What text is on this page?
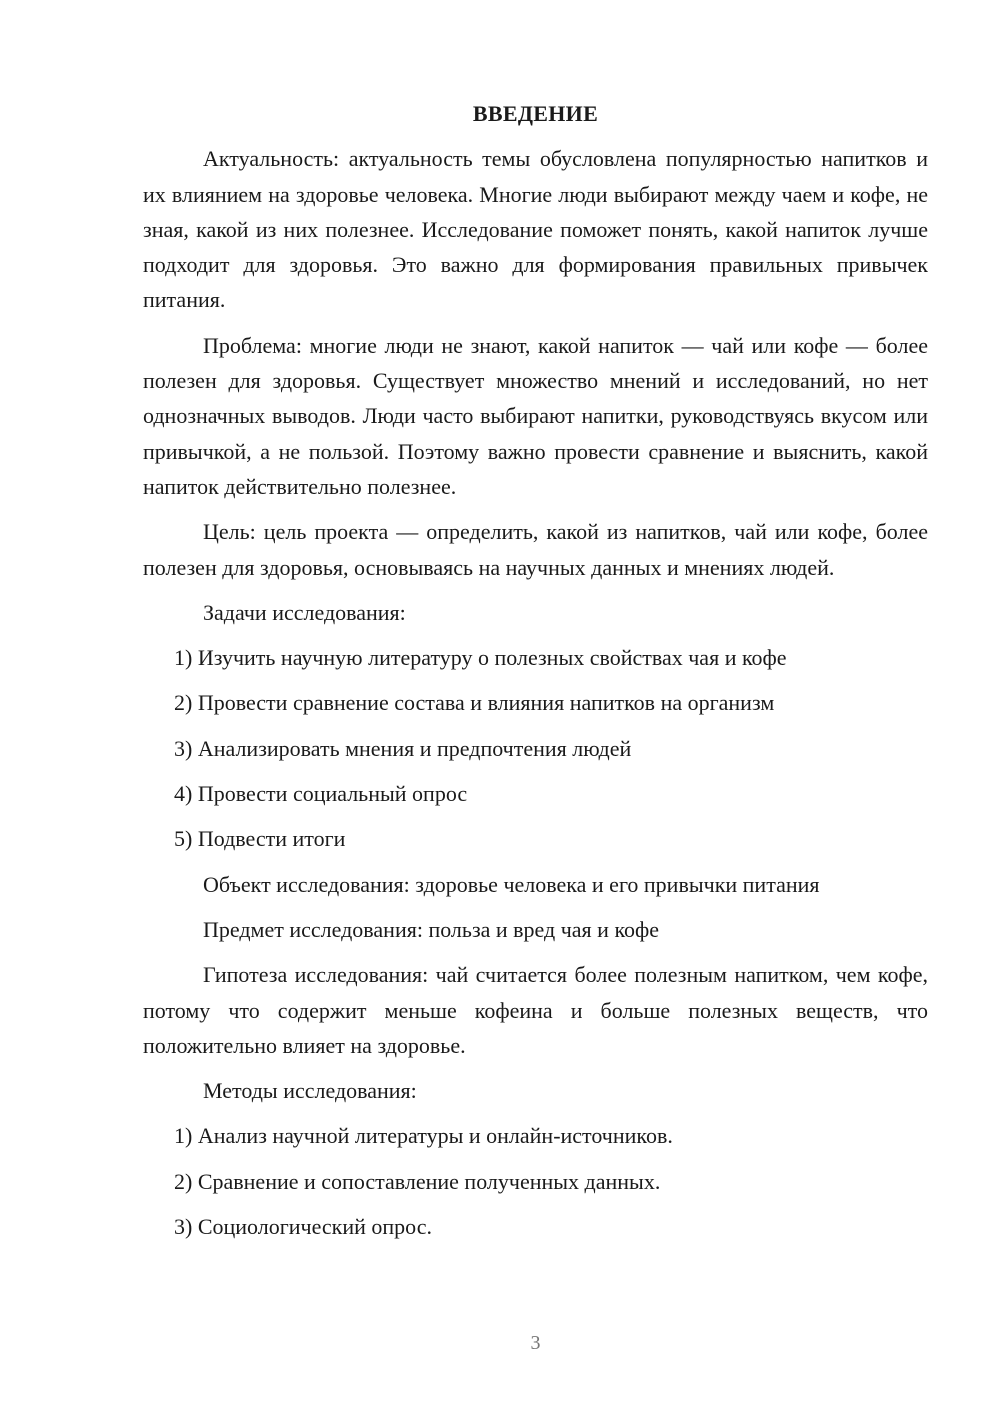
ВВЕДЕНИЕ

Актуальность: актуальность темы обусловлена популярностью напитков и их влиянием на здоровье человека. Многие люди выбирают между чаем и кофе, не зная, какой из них полезнее. Исследование поможет понять, какой напиток лучше подходит для здоровья. Это важно для формирования правильных привычек питания.

Проблема: многие люди не знают, какой напиток — чай или кофе — более полезен для здоровья. Существует множество мнений и исследований, но нет однозначных выводов. Люди часто выбирают напитки, руководствуясь вкусом или привычкой, а не пользой. Поэтому важно провести сравнение и выяснить, какой напиток действительно полезнее.

Цель: цель проекта — определить, какой из напитков, чай или кофе, более полезен для здоровья, основываясь на научных данных и мнениях людей.

Задачи исследования:
1) Изучить научную литературу о полезных свойствах чая и кофе
2) Провести сравнение состава и влияния напитков на организм
3) Анализировать мнения и предпочтения людей
4) Провести социальный опрос
5) Подвести итоги
Объект исследования: здоровье человека и его привычки питания
Предмет исследования: польза и вред чая и кофе

Гипотеза исследования: чай считается более полезным напитком, чем кофе, потому что содержит меньше кофеина и больше полезных веществ, что положительно влияет на здоровье.

Методы исследования:
1) Анализ научной литературы и онлайн-источников.
2) Сравнение и сопоставление полученных данных.
3) Социологический опрос.
3
